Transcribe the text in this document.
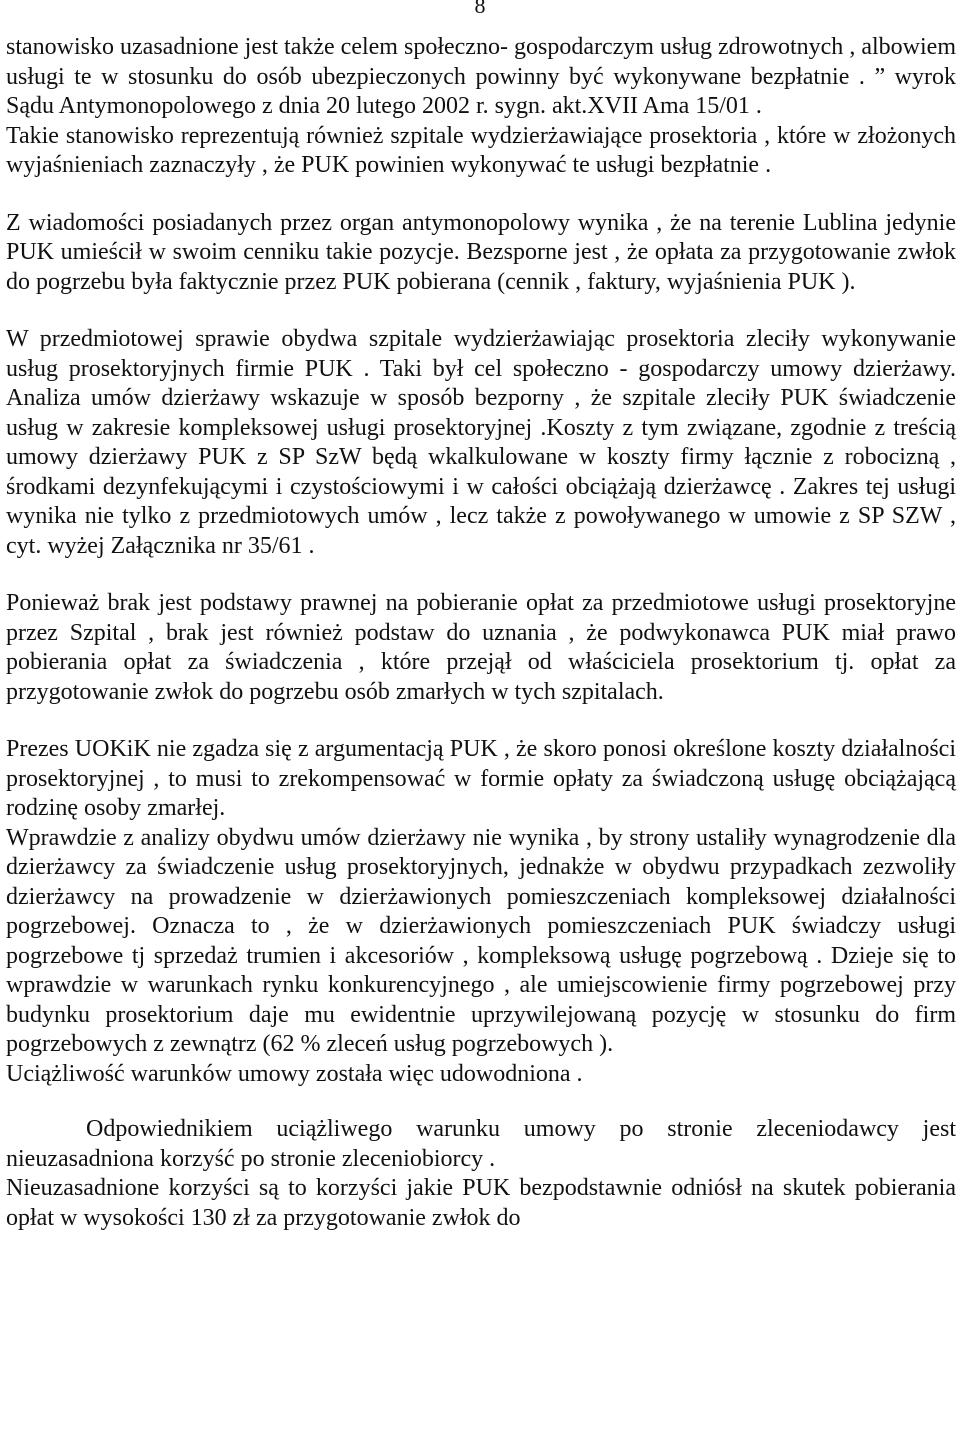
8

stanowisko uzasadnione jest także celem społeczno- gospodarczym usług zdrowotnych , albowiem usługi te w stosunku do osób ubezpieczonych powinny być wykonywane bezpłatnie . ” wyrok Sądu Antymonopolowego z dnia 20 lutego 2002 r. sygn. akt.XVII Ama 15/01 .

Takie stanowisko reprezentują również szpitale wydzierżawiające prosektoria , które w złożonych wyjaśnieniach zaznaczyły , że PUK powinien wykonywać te usługi bezpłatnie .

Z wiadomości posiadanych przez organ antymonopolowy wynika , że na terenie Lublina jedynie PUK umieścił w swoim cenniku takie pozycje. Bezsporne jest , że opłata za przygotowanie zwłok do pogrzebu była faktycznie przez PUK pobierana (cennik , faktury, wyjaśnienia PUK ).

W przedmiotowej sprawie obydwa szpitale wydzierżawiając prosektoria zleciły wykonywanie usług prosektoryjnych firmie PUK . Taki był cel społeczno - gospodarczy umowy dzierżawy. Analiza umów dzierżawy wskazuje w sposób bezporny , że szpitale zleciły PUK świadczenie usług w zakresie kompleksowej usługi prosektoryjnej .Koszty z tym związane, zgodnie z treścią umowy dzierżawy PUK z SP SzW będą wkalkulowane w koszty firmy łącznie z robocizną , środkami dezynfekującymi i czystościowymi i w całości obciążają dzierżawcę . Zakres tej usługi wynika nie tylko z przedmiotowych umów , lecz także z powoływanego w umowie z SP SZW , cyt. wyżej Załącznika nr 35/61 .

Ponieważ brak jest podstawy prawnej na pobieranie opłat za przedmiotowe usługi prosektoryjne przez Szpital , brak jest również podstaw do uznania , że podwykonawca PUK miał prawo pobierania opłat za świadczenia , które przejął od właściciela prosektorium tj. opłat za przygotowanie zwłok do pogrzebu osób zmarłych w tych szpitalach.

Prezes UOKiK nie zgadza się z argumentacją PUK , że skoro ponosi określone koszty działalności prosektoryjnej , to musi to zrekompensować w formie opłaty za świadczoną usługę obciążającą rodzinę osoby zmarłej.

Wprawdzie z analizy obydwu umów dzierżawy nie wynika , by strony ustaliły wynagrodzenie dla dzierżawcy za świadczenie usług prosektoryjnych, jednakże w obydwu przypadkach zezwoliły dzierżawcy na prowadzenie w dzierżawionych pomieszczeniach kompleksowej działalności pogrzebowej. Oznacza to , że w dzierżawionych pomieszczeniach PUK świadczy usługi pogrzebowe tj sprzedaż trumien i akcesoriów , kompleksową usługę pogrzebową . Dzieje się to wprawdzie w warunkach rynku konkurencyjnego , ale umiejscowienie firmy pogrzebowej przy budynku prosektorium daje mu ewidentnie uprzywilejowaną pozycję w stosunku do firm pogrzebowych z zewnątrz (62 % zleceń usług pogrzebowych ).

Uciążliwość warunków umowy została więc udowodniona .

Odpowiednikiem uciążliwego warunku umowy po stronie zleceniodawcy jest nieuzasadniona korzyść po stronie zleceniobiorcy .

Nieuzasadnione korzyści są to korzyści jakie PUK bezpodstawnie odniósł na skutek pobierania opłat w wysokości 130 zł za przygotowanie zwłok do
